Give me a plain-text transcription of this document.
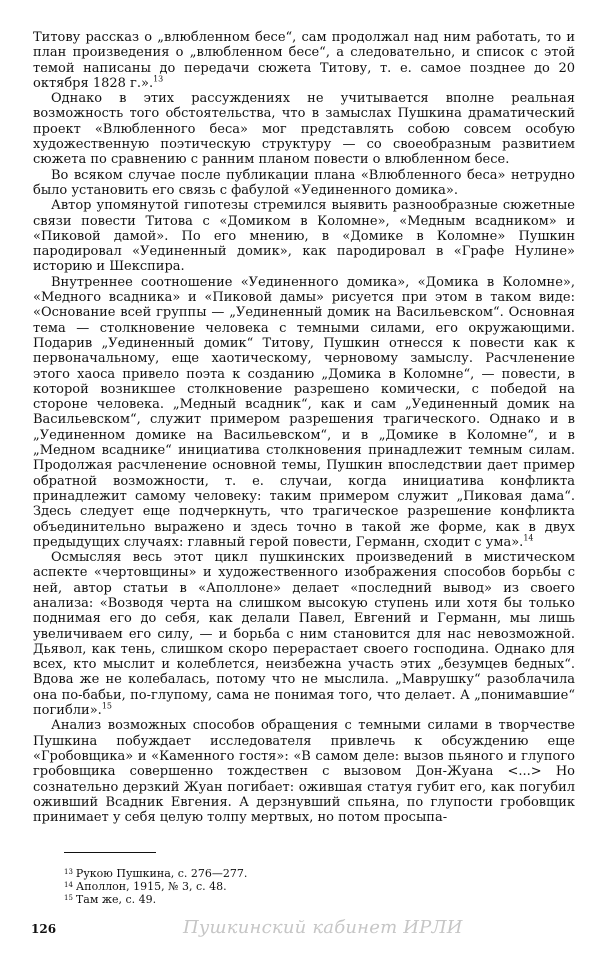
Титову рассказ о „влюбленном бесе“, сам продолжал над ним работать, то и план произведения о „влюбленном бесе“, а следовательно, и список с этой темой написаны до передачи сюжета Титову, т. е. самое позднее до 20 октября 1828 г.».$^{13}$

Однако в этих рассуждениях не учитывается вполне реальная возможность того обстоятельства, что в замыслах Пушкина драматический проект «Влюбленного беса» мог представлять собою совсем особую художественную поэтическую структуру — со своеобразным развитием сюжета по сравнению с ранним планом повести о влюбленном бесе.

Во всяком случае после публикации плана «Влюбленного беса» нетрудно было установить его связь с фабулой «Уединенного домика».

Автор упомянутой гипотезы стремился выявить разнообразные сюжетные связи повести Титова с «Домиком в Коломне», «Медным всадником» и «Пиковой дамой». По его мнению, в «Домике в Коломне» Пушкин пародировал «Уединенный домик», как пародировал в «Графе Нулине» историю и Шекспира.

Внутреннее соотношение «Уединенного домика», «Домика в Коломне», «Медного всадника» и «Пиковой дамы» рисуется при этом в таком виде: «Основание всей группы — „Уединенный домик на Васильевском“. Основная тема — столкновение человека с темными силами, его окружающими. Подарив „Уединенный домик“ Титову, Пушкин отнесся к повести как к первоначальному, еще хаотическому, черновому замыслу. Расчленение этого хаоса привело поэта к созданию „Домика в Коломне“, — повести, в которой возникшее столкновение разрешено комически, с победой на стороне человека. „Медный всадник“, как и сам „Уединенный домик на Васильевском“, служит примером разрешения трагического. Однако и в „Уединенном домике на Васильевском“, и в „Домике в Коломне“, и в „Медном всаднике“ инициатива столкновения принадлежит темным силам. Продолжая расчленение основной темы, Пушкин впоследствии дает пример обратной возможности, т. е. случаи, когда инициатива конфликта принадлежит самому человеку: таким примером служит „Пиковая дама“. Здесь следует еще подчеркнуть, что трагическое разрешение конфликта объединительно выражено и здесь точно в такой же форме, как в двух предыдущих случаях: главный герой повести, Германн, сходит с ума».$^{14}$

Осмысляя весь этот цикл пушкинских произведений в мистическом аспекте «чертовщины» и художественного изображения способов борьбы с ней, автор статьи в «Аполлоне» делает «последний вывод» из своего анализа: «Возводя черта на слишком высокую ступень или хотя бы только поднимая его до себя, как делали Павел, Евгений и Германн, мы лишь увеличиваем его силу, — и борьба с ним становится для нас невозможной. Дьявол, как тень, слишком скоро перерастает своего господина. Однако для всех, кто мыслит и колеблется, неизбежна участь этих „безумцев бедных“. Вдова же не колебалась, потому что не мыслила. „Маврушку“ разоблачила она по-бабьи, по-глупому, сама не понимая того, что делает. А „понимавшие“ погибли».$^{15}$

Анализ возможных способов обращения с темными силами в творчестве Пушкина побуждает исследователя привлечь к обсуждению еще «Гробовщика» и «Каменного гостя»: «В самом деле: вызов пьяного и глупого гробовщика совершенно тождествен с вызовом Дон-Жуана <...> Но сознательно дерзкий Жуан погибает: ожившая статуя губит его, как погубил оживший Всадник Евгения. А дерзнувший спьяна, по глупости гробовщик принимает у себя целую толпу мертвых, но потом просыпа-

$^{13}$ Рукою Пушкина, с. 276—277.
$^{14}$ Аполлон, 1915, № 3, с. 48.
$^{15}$ Там же, с. 49.
126	Пушкинский кабинет ИРЛИ
